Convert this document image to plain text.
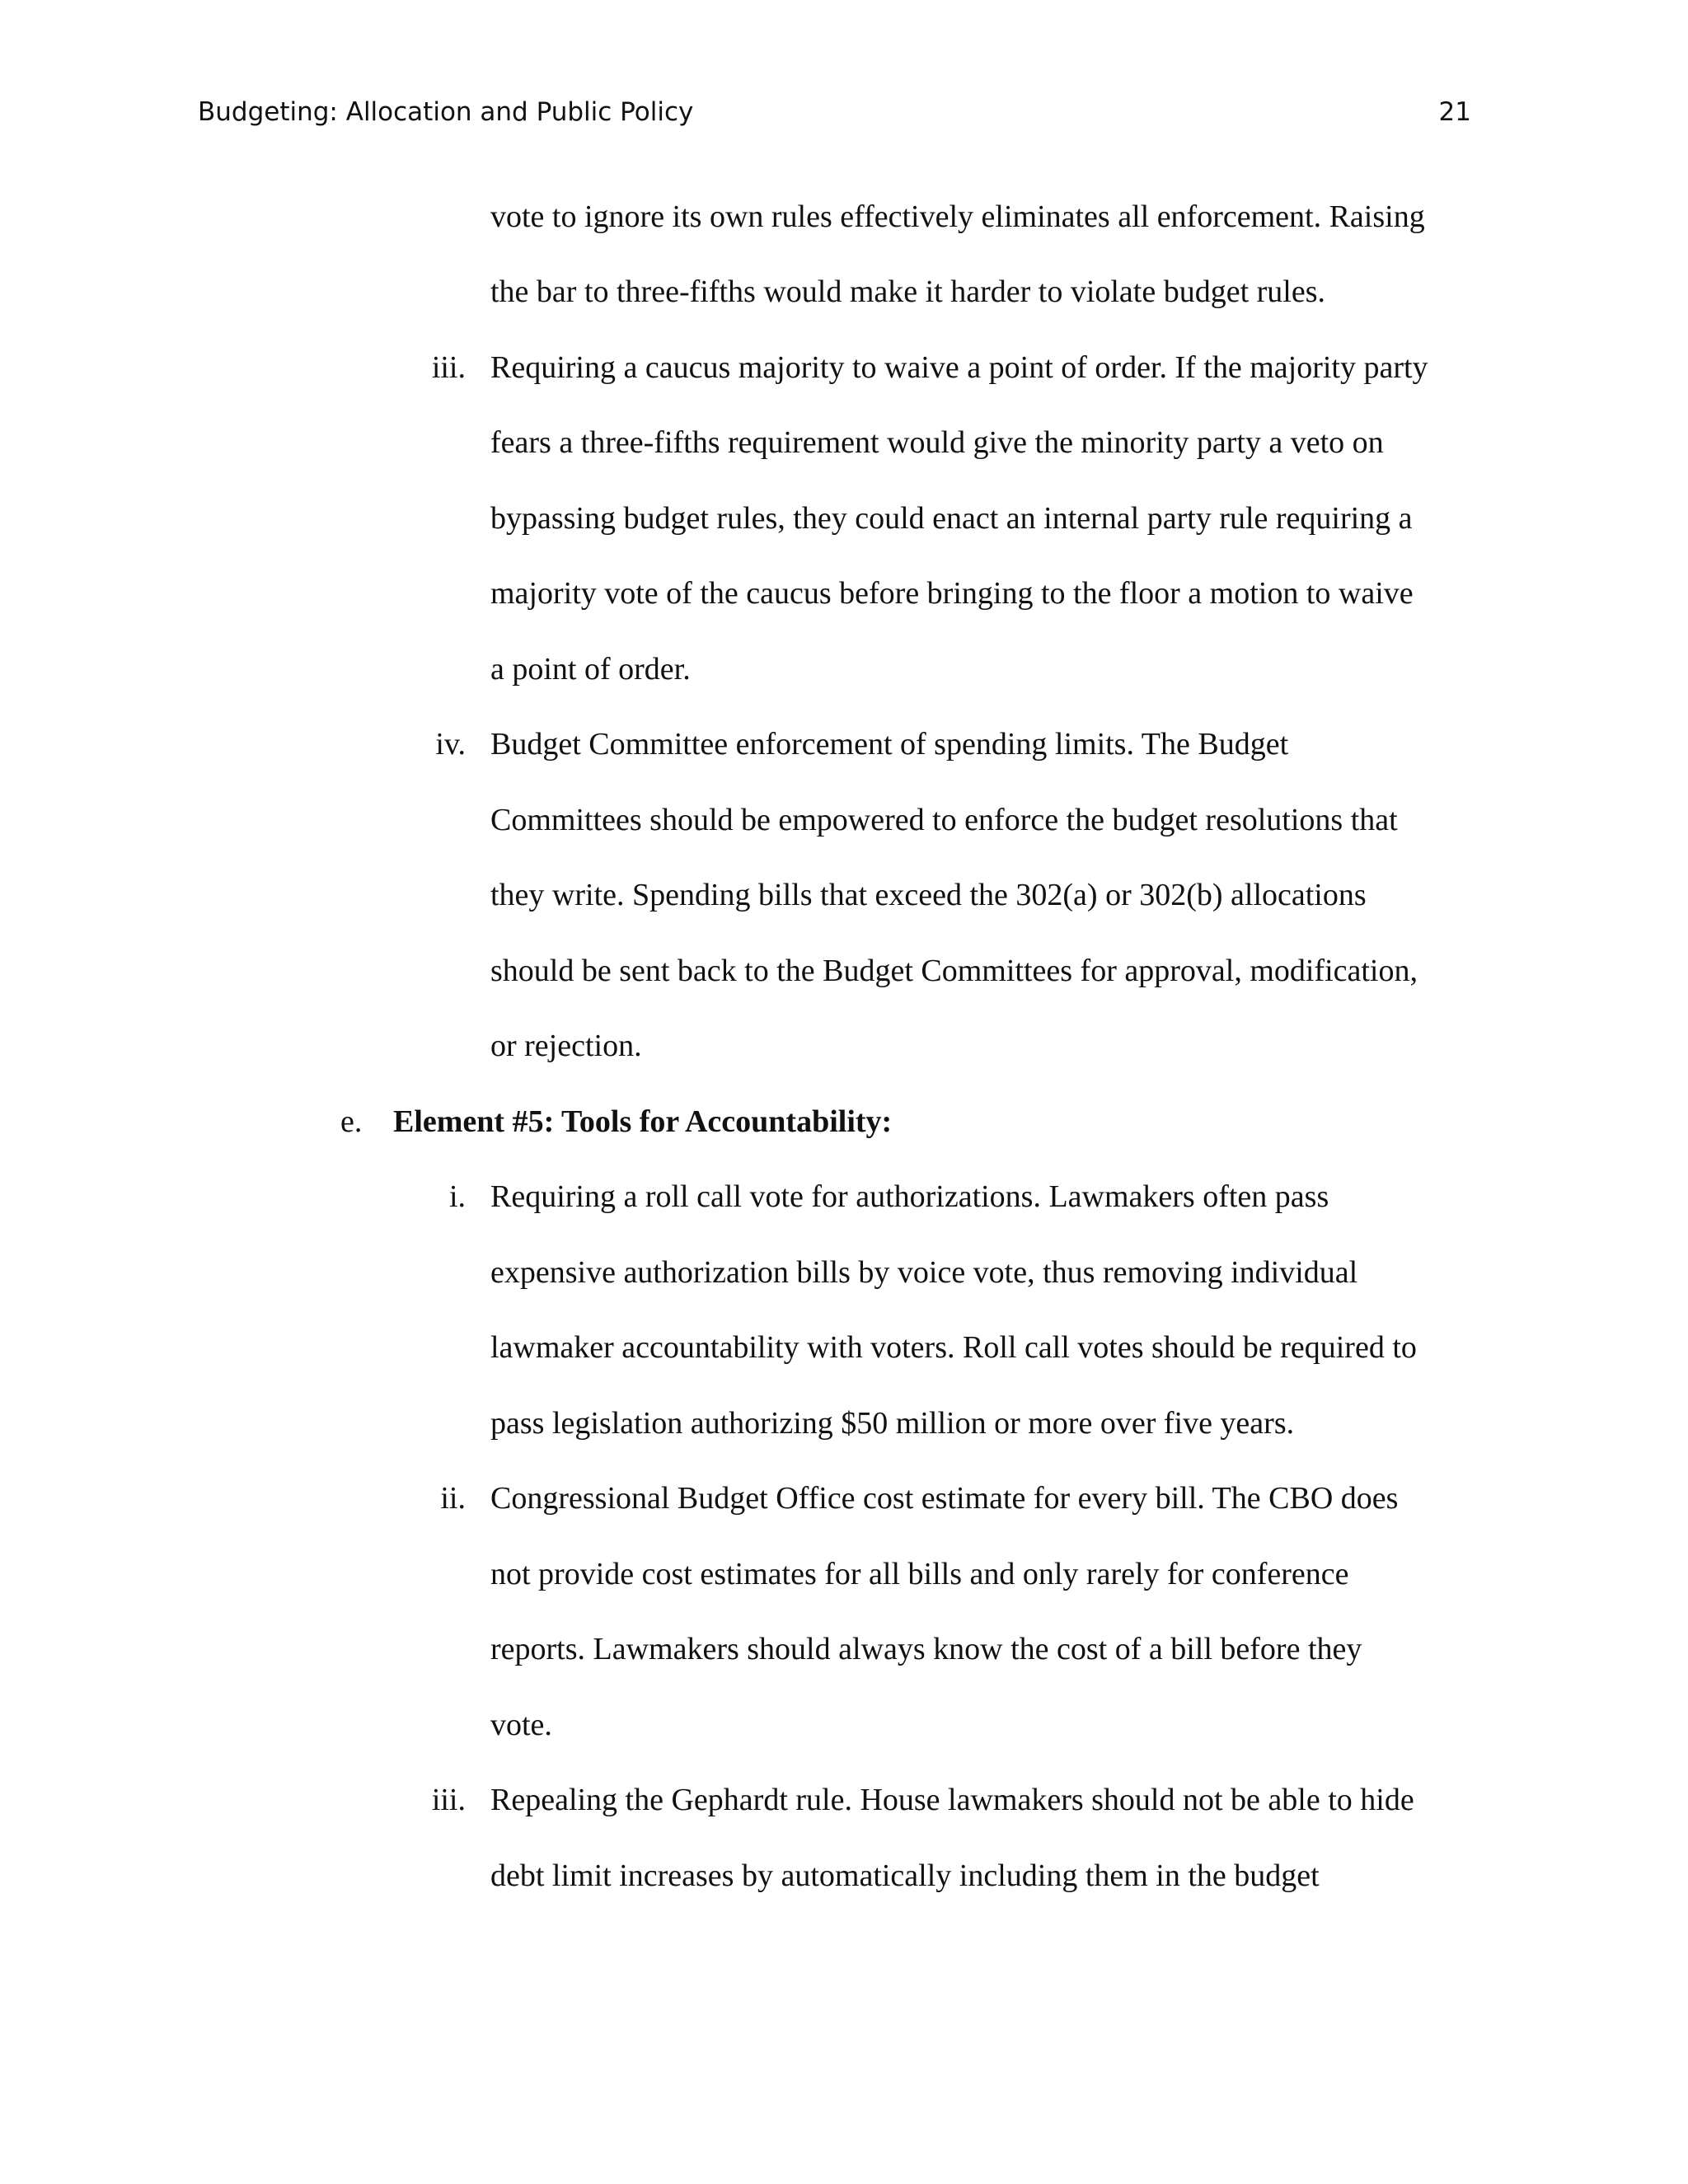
Budgeting: Allocation and Public Policy	21
vote to ignore its own rules effectively eliminates all enforcement. Raising
the bar to three-fifths would make it harder to violate budget rules.
iii. Requiring a caucus majority to waive a point of order. If the majority party
fears a three-fifths requirement would give the minority party a veto on
bypassing budget rules, they could enact an internal party rule requiring a
majority vote of the caucus before bringing to the floor a motion to waive
a point of order.
iv. Budget Committee enforcement of spending limits. The Budget
Committees should be empowered to enforce the budget resolutions that
they write. Spending bills that exceed the 302(a) or 302(b) allocations
should be sent back to the Budget Committees for approval, modification,
or rejection.
e. Element #5: Tools for Accountability:
i. Requiring a roll call vote for authorizations. Lawmakers often pass
expensive authorization bills by voice vote, thus removing individual
lawmaker accountability with voters. Roll call votes should be required to
pass legislation authorizing $50 million or more over five years.
ii. Congressional Budget Office cost estimate for every bill. The CBO does
not provide cost estimates for all bills and only rarely for conference
reports. Lawmakers should always know the cost of a bill before they
vote.
iii. Repealing the Gephardt rule. House lawmakers should not be able to hide
debt limit increases by automatically including them in the budget
